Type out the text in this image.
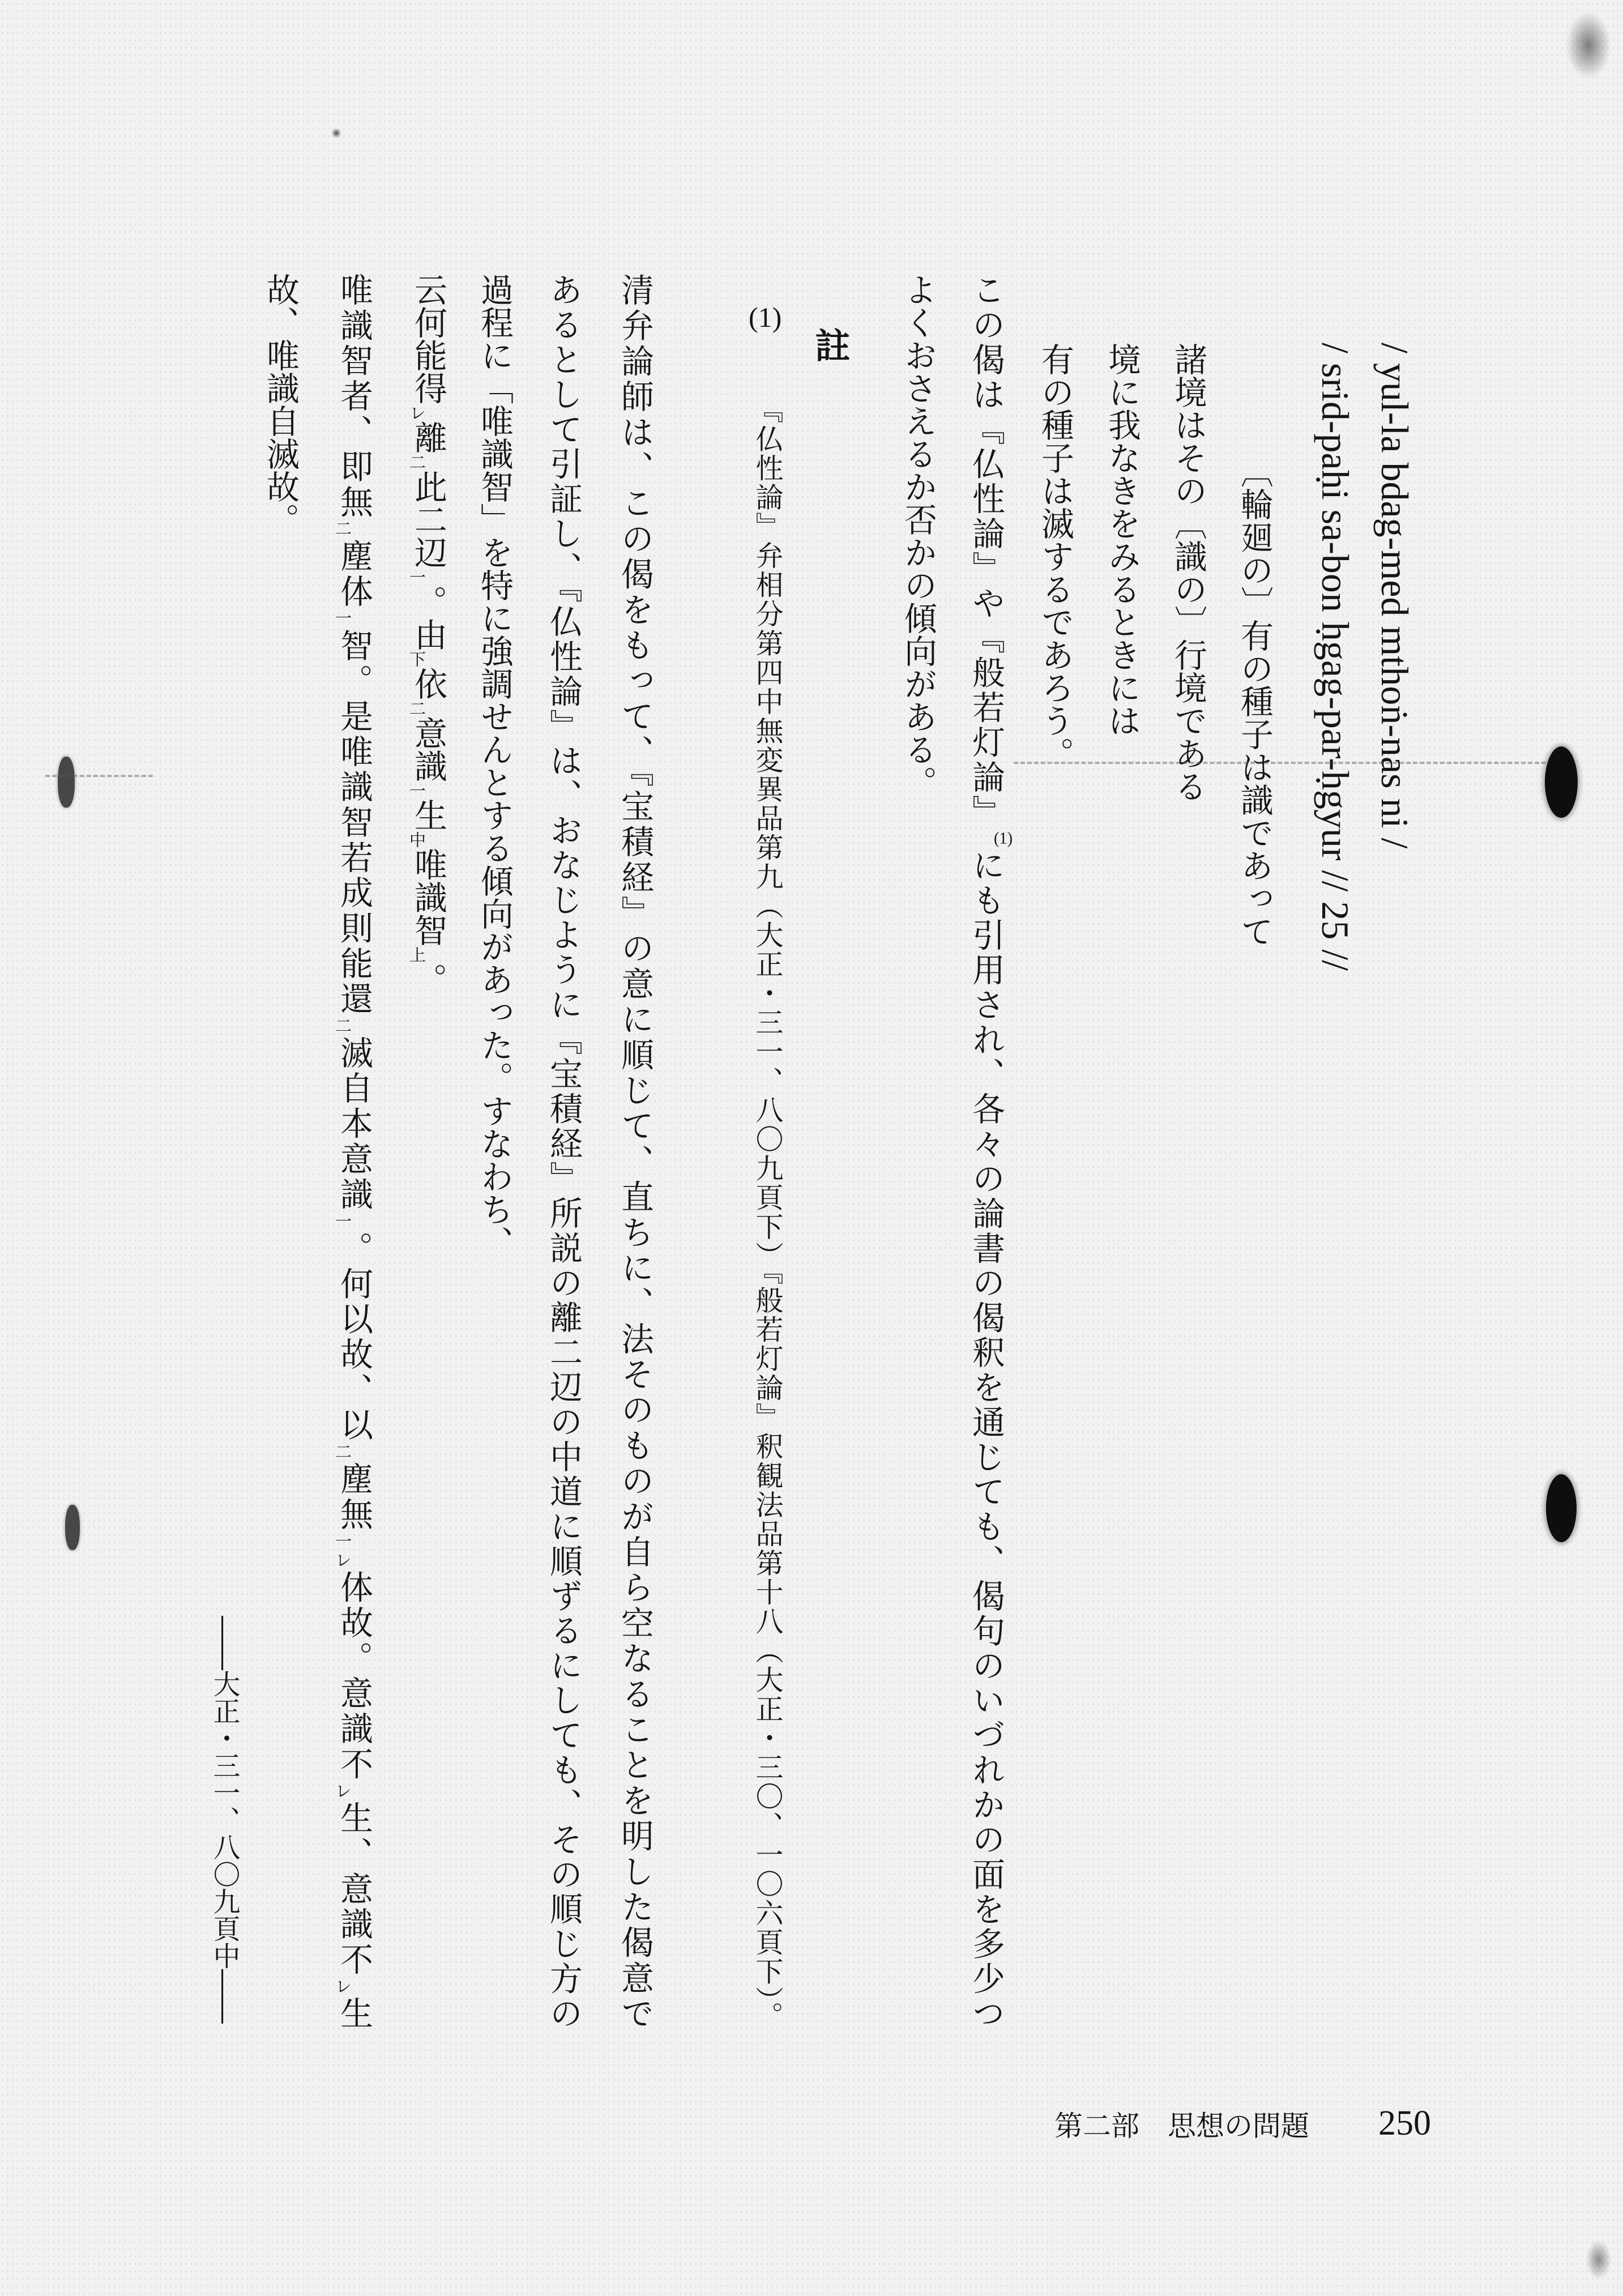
/ yul-la bdag-med mthoṅ-nas ni /
/ srid-paḥi sa-bon ḥgag-par-ḥgyur // 25 //
〔輪廻の〕有の種子は識であって
諸境はその〔識の〕行境である
境に我なきをみるときには
有の種子は滅するであろう。
この偈は『仏性論』や『般若灯論』(1)にも引用され、各々の論書の偈釈を通じても、偈句のいづれかの面を多少つ
よくおさえるか否かの傾向がある。
註
(1)
『仏性論』弁相分第四中無変異品第九（大正・三一、八〇九頁下）『般若灯論』釈観法品第十八（大正・三〇、一〇六頁下）。
清弁論師は、この偈をもって、『宝積経』の意に順じて、直ちに、法そのものが自ら空なることを明した偈意で
あるとして引証し、『仏性論』は、おなじように『宝積経』所説の離二辺の中道に順ずるにしても、その順じ方の
過程に「唯識智」を特に強調せんとする傾向があった。すなわち、
云何能得レ離二此二辺一。由下依二意識一生中唯識智上。
唯識智者、即無二塵体一智。是唯識智若成則能還二滅自本意識一。何以故、以二塵無一レ体故。意識不レ生、意識不レ生
故、唯識自滅故。
――大正・三一、八〇九頁中――
第二部　思想の問題 250
